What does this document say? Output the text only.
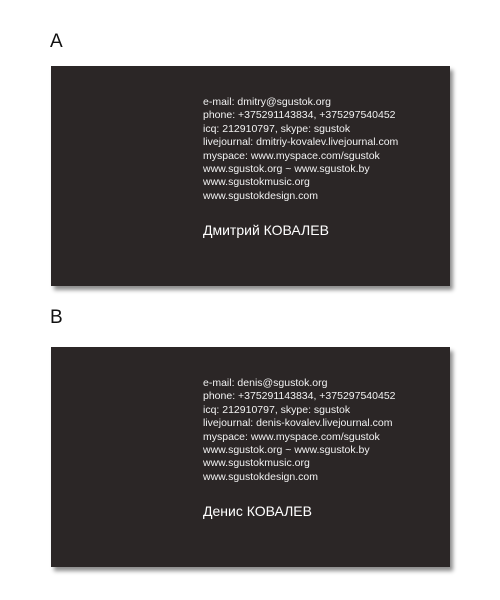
A
e-mail: dmitry@sgustok.org
phone: +375291143834, +375297540452
icq: 212910797, skype: sgustok
livejournal: dmitriy-kovalev.livejournal.com
myspace: www.myspace.com/sgustok
www.sgustok.org ~ www.sgustok.by
www.sgustokmusic.org
www.sgustokdesign.com
Дмитрий КОВАЛЕВ
B
e-mail: denis@sgustok.org
phone: +375291143834, +375297540452
icq: 212910797, skype: sgustok
livejournal: denis-kovalev.livejournal.com
myspace: www.myspace.com/sgustok
www.sgustok.org ~ www.sgustok.by
www.sgustokmusic.org
www.sgustokdesign.com
Денис КОВАЛЕВ
